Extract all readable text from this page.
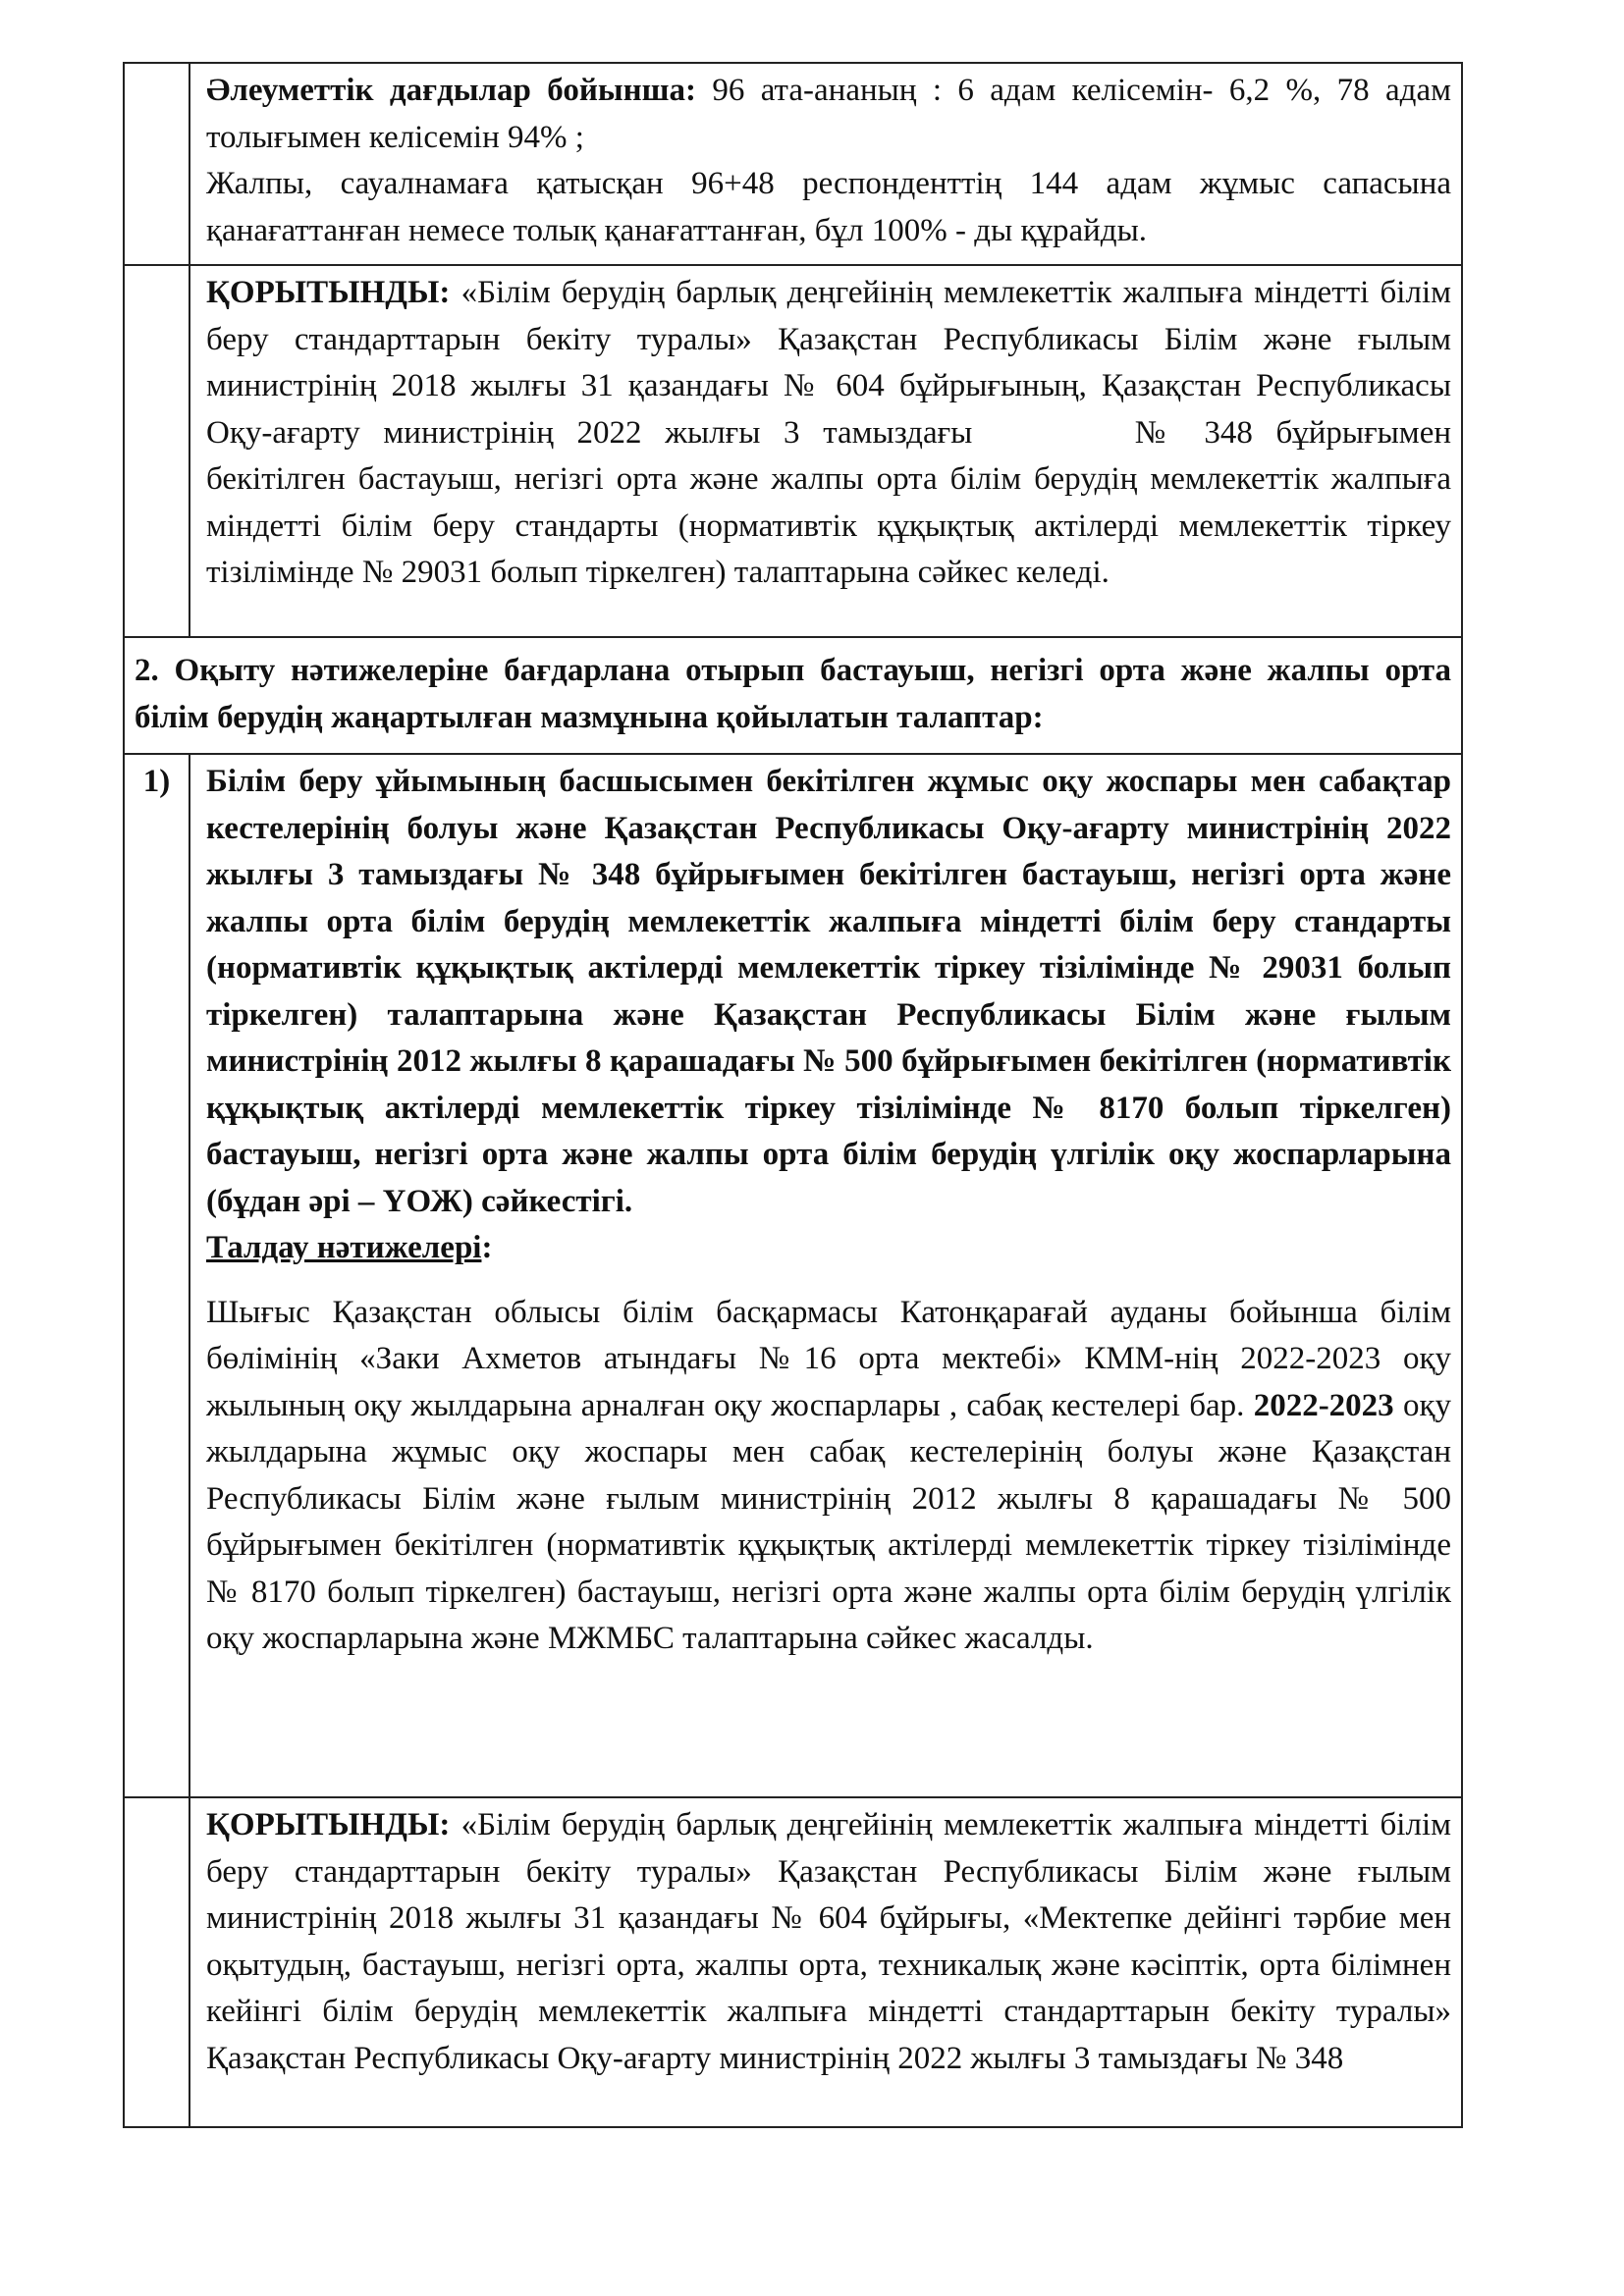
	Әлеуметтік дағдылар бойынша: 96 ата-ананың : 6 адам келісемін- 6,2 %, 78 адам толығымен келісемін 94% ;

Жалпы, сауалнамаға қатысқан 96+48 респонденттің 144 адам жұмыс сапасына қанағаттанған немесе толық қанағаттанған, бұл 100% - ды құрайды.

	ҚОРЫТЫНДЫ: «Білім берудің барлық деңгейінің мемлекеттік жалпыға міндетті білім беру стандарттарын бекіту туралы» Қазақстан Республикасы Білім және ғылым министрінің 2018 жылғы 31 қазандағы № 604 бұйрығының, Қазақстан Республикасы Оқу-ағарту министрінің 2022 жылғы 3 тамыздағы № 348 бұйрығымен бекітілген бастауыш, негізгі орта және жалпы орта білім берудің мемлекеттік жалпыға міндетті білім беру стандарты (нормативтік құқықтық актілерді мемлекеттік тіркеу тізілімінде № 29031 болып тіркелген) талаптарына сәйкес келеді.

2. Оқыту нәтижелеріне бағдарлана отырып бастауыш, негізгі орта және жалпы орта білім берудің жаңартылған мазмұнына қойылатын талаптар:	

1)	Білім беру ұйымының басшысымен бекітілген жұмыс оқу жоспары мен сабақтар кестелерінің болуы және Қазақстан Республикасы Оқу-ағарту министрінің 2022 жылғы 3 тамыздағы № 348 бұйрығымен бекітілген бастауыш, негізгі орта және жалпы орта білім берудің мемлекеттік жалпыға міндетті білім беру стандарты (нормативтік құқықтық актілерді мемлекеттік тіркеу тізілімінде № 29031 болып тіркелген) талаптарына және Қазақстан Республикасы Білім және ғылым министрінің 2012 жылғы 8 қарашадағы № 500 бұйрығымен бекітілген (нормативтік құқықтық актілерді мемлекеттік тіркеу тізілімінде № 8170 болып тіркелген) бастауыш, негізгі орта және жалпы орта білім берудің үлгілік оқу жоспарларына (бұдан әрі – ҮОЖ) сәйкестігі.

Талдау нәтижелері:

Шығыс Қазақстан облысы білім басқармасы Катонқарағай ауданы бойынша білім бөлімінің «Заки Ахметов атындағы №16 орта мектебі» КММ-нің 2022-2023 оқу жылының оқу жылдарына арналған оқу жоспарлары , сабақ кестелері бар. 2022-2023 оқу жылдарына жұмыс оқу жоспары мен сабақ кестелерінің болуы және Қазақстан Республикасы Білім және ғылым министрінің 2012 жылғы 8 қарашадағы № 500 бұйрығымен бекітілген (нормативтік құқықтық актілерді мемлекеттік тіркеу тізілімінде № 8170 болып тіркелген) бастауыш, негізгі орта және жалпы орта білім берудің үлгілік оқу жоспарларына және МЖМБС талаптарына сәйкес жасалды.

	ҚОРЫТЫНДЫ: «Білім берудің барлық деңгейінің мемлекеттік жалпыға міндетті білім беру стандарттарын бекіту туралы» Қазақстан Республикасы Білім және ғылым министрінің 2018 жылғы 31 қазандағы № 604 бұйрығы, «Мектепке дейінгі тәрбие мен оқытудың, бастауыш, негізгі орта, жалпы орта, техникалық және кәсіптік, орта білімнен кейінгі білім берудің мемлекеттік жалпыға міндетті стандарттарын бекіту туралы» Қазақстан Республикасы Оқу-ағарту министрінің 2022 жылғы 3 тамыздағы № 348
